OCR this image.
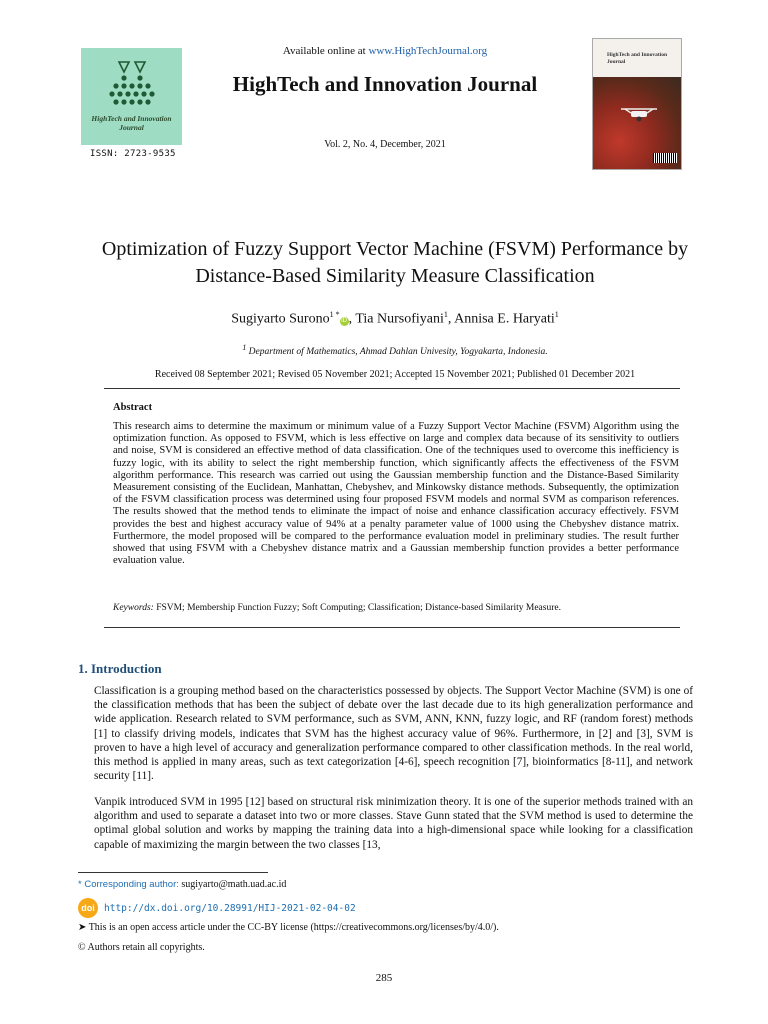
HighTech and Innovation Journal
ISSN: 2723-9535
Available online at www.HighTechJournal.org
HighTech and Innovation Journal
Vol. 2, No. 4, December, 2021
HighTech and Innovation Journal
Optimization of Fuzzy Support Vector Machine (FSVM) Performance by Distance-Based Similarity Measure Classification
Sugiyarto Surono$^{1 *}$iD , Tia Nursofiyani$^1$, Annisa E. Haryati$^1$
$^1$ Department of Mathematics, Ahmad Dahlan Univesity, Yogyakarta, Indonesia.
Received 08 September 2021; Revised 05 November 2021; Accepted 15 November 2021; Published 01 December 2021
Abstract
This research aims to determine the maximum or minimum value of a Fuzzy Support Vector Machine (FSVM) Algorithm using the optimization function. As opposed to FSVM, which is less effective on large and complex data because of its sensitivity to outliers and noise, SVM is considered an effective method of data classification. One of the techniques used to overcome this inefficiency is fuzzy logic, with its ability to select the right membership function, which significantly affects the effectiveness of the FSVM algorithm performance. This research was carried out using the Gaussian membership function and the Distance-Based Similarity Measurement consisting of the Euclidean, Manhattan, Chebyshev, and Minkowsky distance methods. Subsequently, the optimization of the FSVM classification process was determined using four proposed FSVM models and normal SVM as comparison references. The results showed that the method tends to eliminate the impact of noise and enhance classification accuracy effectively. FSVM provides the best and highest accuracy value of 94% at a penalty parameter value of 1000 using the Chebyshev distance matrix. Furthermore, the model proposed will be compared to the performance evaluation model in preliminary studies. The result further showed that using FSVM with a Chebyshev distance matrix and a Gaussian membership function provides a better performance evaluation value.
Keywords: FSVM; Membership Function Fuzzy; Soft Computing; Classification; Distance-based Similarity Measure.
1. Introduction
Classification is a grouping method based on the characteristics possessed by objects. The Support Vector Machine (SVM) is one of the classification methods that has been the subject of debate over the last decade due to its high generalization performance and wide application. Research related to SVM performance, such as SVM, ANN, KNN, fuzzy logic, and RF (random forest) methods [1] to classify driving models, indicates that SVM has the highest accuracy value of 96%. Furthermore, in [2] and [3], SVM is proven to have a high level of accuracy and generalization performance compared to other classification methods. In the real world, this method is applied in many areas, such as text categorization [4-6], speech recognition [7], bioinformatics [8-11], and network security [11].
Vanpik introduced SVM in 1995 [12] based on structural risk minimization theory. It is one of the superior methods trained with an algorithm and used to separate a dataset into two or more classes. Stave Gunn stated that the SVM method is used to determine the optimal global solution and works by mapping the training data into a high-dimensional space while looking for a classification capable of maximizing the margin between the two classes [13,
* Corresponding author: sugiyarto@math.uad.ac.id
doi http://dx.doi.org/10.28991/HIJ-2021-02-04-02
➤ This is an open access article under the CC-BY license (https://creativecommons.org/licenses/by/4.0/).
© Authors retain all copyrights.
285
